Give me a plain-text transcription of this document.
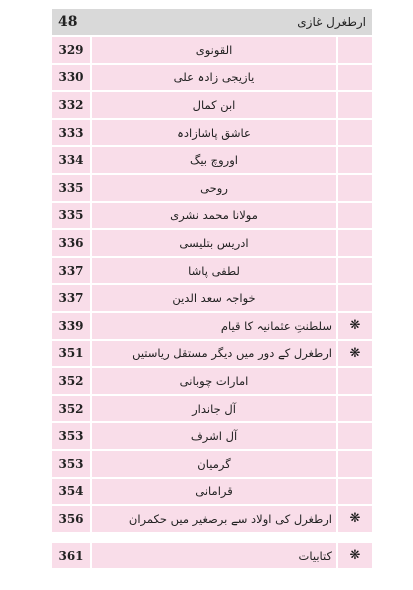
48	ارطغرل غازی
329	القونوی	
330	یازیجی زادہ علی	
332	ابن کمال	
333	عاشق پاشازادہ	
334	اوروچ بیگ	
335	روحی	
335	مولانا محمد نشری	
336	ادریس بتلیسی	
337	لطفی پاشا	
337	خواجہ سعد الدین	
339	سلطنتِ عثمانیہ کا قیام	❋
351	ارطغرل کے دور میں دیگر مستقل ریاستیں	❋
352	امارات چوبانی	
352	آل جاندار	
353	آل اشرف	
353	گرمیان	
354	قرامانی	
356	ارطغرل کی اولاد سے برصغیر میں حکمران	❋
361	کتابیات	❋
